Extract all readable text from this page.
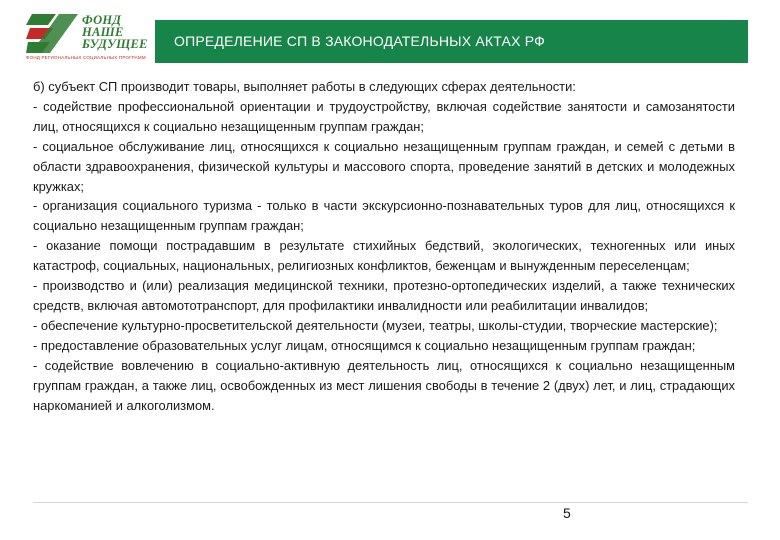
ФОНД
НАШЕ
БУДУЩЕЕ
ФОНД РЕГИОНАЛЬНЫХ СОЦИАЛЬНЫХ ПРОГРАММ
ОПРЕДЕЛЕНИЕ СП В ЗАКОНОДАТЕЛЬНЫХ АКТАХ РФ

б) субъект СП производит товары, выполняет работы в следующих сферах деятельности:

- содействие профессиональной ориентации и трудоустройству, включая содействие занятости и самозанятости лиц, относящихся к социально незащищенным группам граждан;

- социальное обслуживание лиц, относящихся к социально незащищенным группам граждан, и семей с детьми в области здравоохранения, физической культуры и массового спорта, проведение занятий в детских и молодежных кружках;

- организация социального туризма - только в части экскурсионно-познавательных туров для лиц, относящихся к социально незащищенным группам граждан;

- оказание помощи пострадавшим в результате стихийных бедствий, экологических, техногенных или иных катастроф, социальных, национальных, религиозных конфликтов, беженцам и вынужденным переселенцам;

- производство и (или) реализация медицинской техники, протезно-ортопедических изделий, а также технических средств, включая автомототранспорт, для профилактики инвалидности или реабилитации инвалидов;

- обеспечение культурно-просветительской деятельности (музеи, театры, школы-студии, творческие мастерские);

- предоставление образовательных услуг лицам, относящимся к социально незащищенным группам граждан;

- содействие вовлечению в социально-активную деятельность лиц, относящихся к социально незащищенным группам граждан, а также лиц, освобожденных из мест лишения свободы в течение 2 (двух) лет, и лиц, страдающих наркоманией и алкоголизмом.

5
